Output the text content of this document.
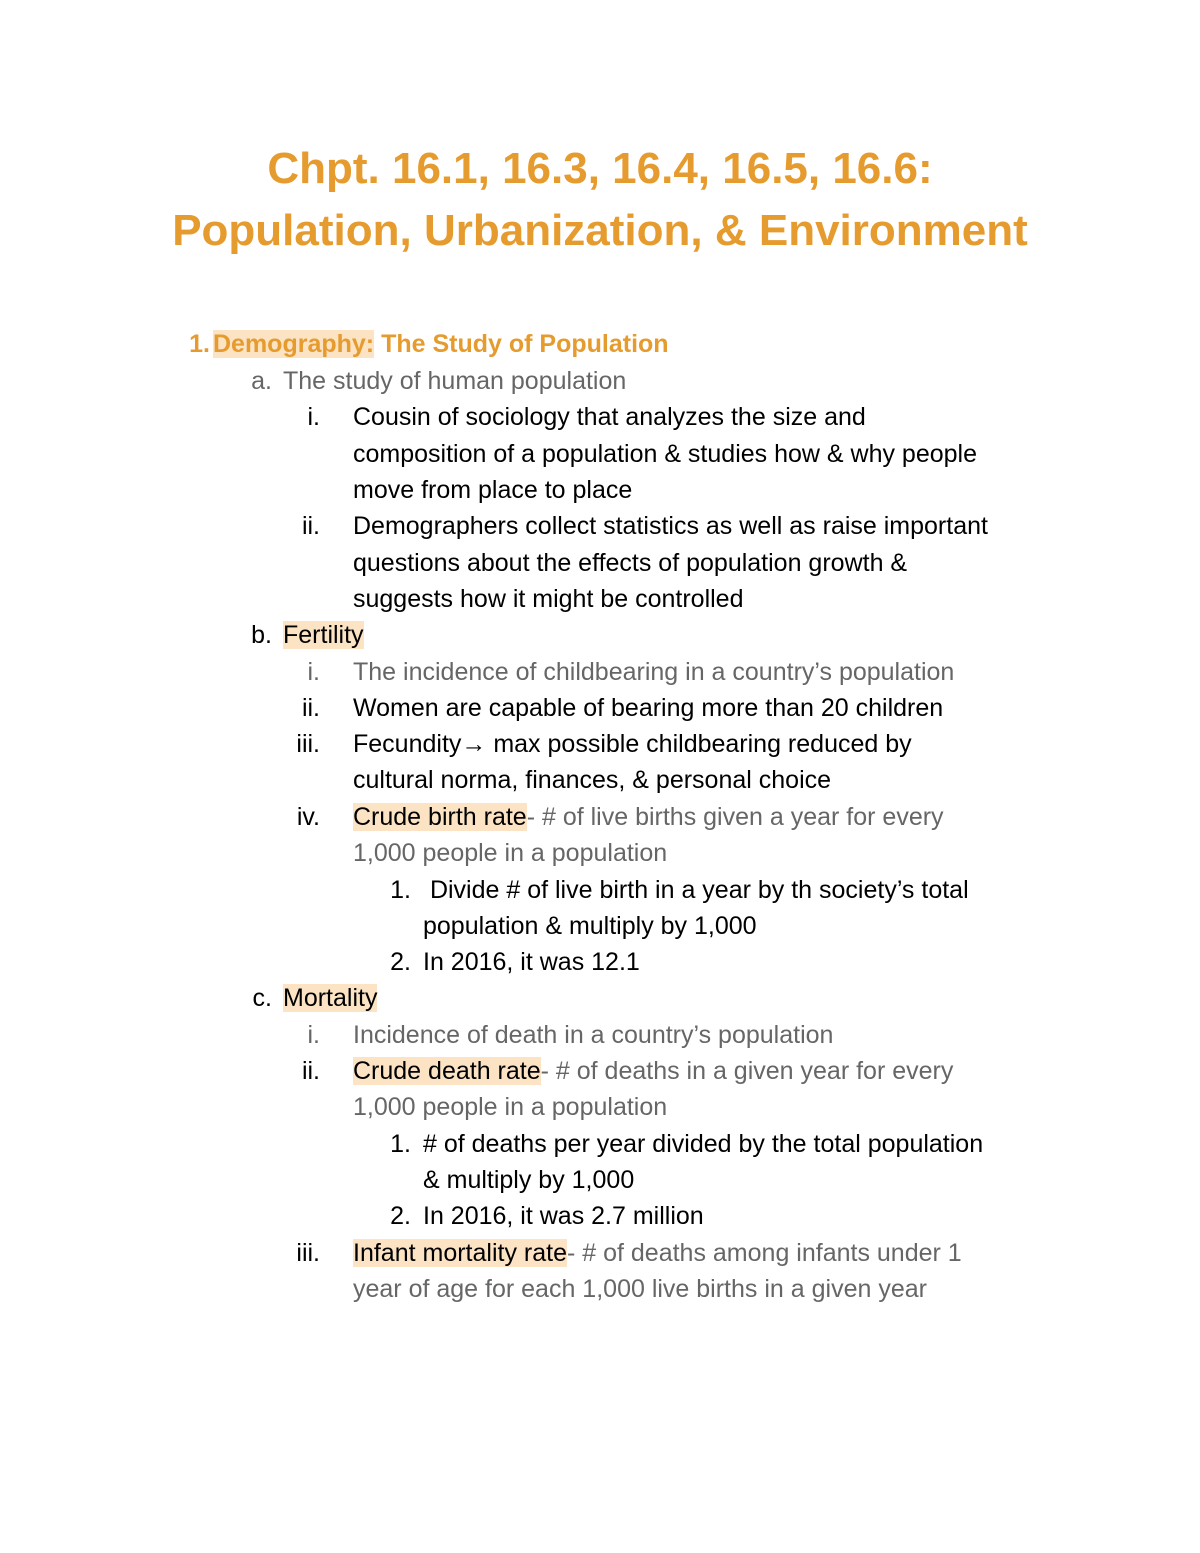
Chpt. 16.1, 16.3, 16.4, 16.5, 16.6:
Population, Urbanization, & Environment
1. Demography: The Study of Population
a. The study of human population
i. Cousin of sociology that analyzes the size and
composition of a population & studies how & why people
move from place to place
ii. Demographers collect statistics as well as raise important
questions about the effects of population growth &
suggests how it might be controlled
b. Fertility
i. The incidence of childbearing in a country’s population
ii. Women are capable of bearing more than 20 children
iii. Fecundity→ max possible childbearing reduced by
cultural norma, finances, & personal choice
iv. Crude birth rate- # of live births given a year for every
1,000 people in a population
1. Divide # of live birth in a year by th society’s total
population & multiply by 1,000
2. In 2016, it was 12.1
c. Mortality
i. Incidence of death in a country’s population
ii. Crude death rate- # of deaths in a given year for every
1,000 people in a population
1. # of deaths per year divided by the total population
& multiply by 1,000
2. In 2016, it was 2.7 million
iii. Infant mortality rate- # of deaths among infants under 1
year of age for each 1,000 live births in a given year
